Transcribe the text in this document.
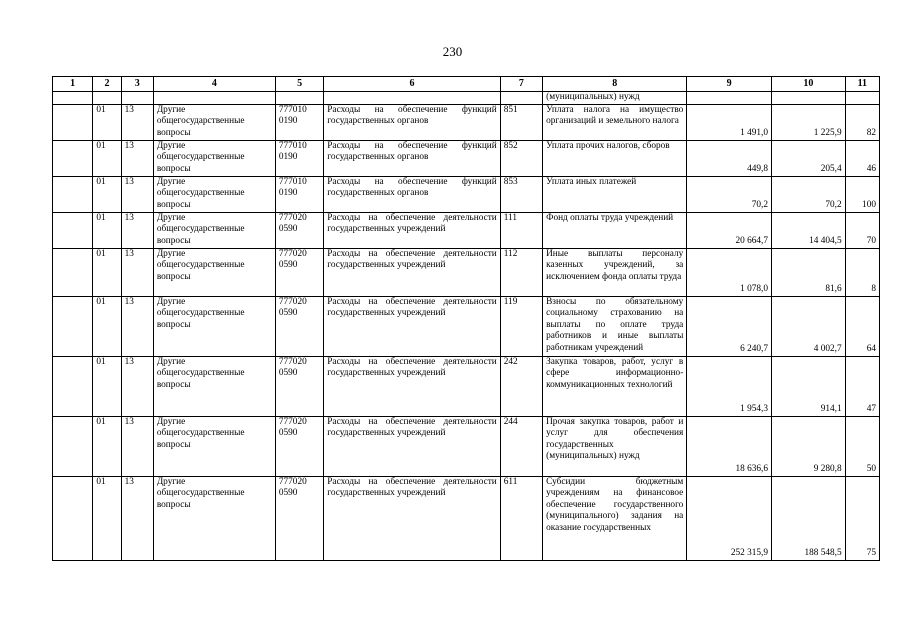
230
1	2	3	4	5	6	7	8	9	10	11
							(муниципальных) нужд			
	01	13	Другие общегосударственные вопросы	777010 0190	Расходы на обеспечение функций государственных органов	851	Уплата налога на имущество организаций и земельного налога	1 491,0	1 225,9	82
	01	13	Другие общегосударственные вопросы	777010 0190	Расходы на обеспечение функций государственных органов	852	Уплата прочих налогов, сборов	449,8	205,4	46
	01	13	Другие общегосударственные вопросы	777010 0190	Расходы на обеспечение функций государственных органов	853	Уплата иных платежей	70,2	70,2	100
	01	13	Другие общегосударственные вопросы	777020 0590	Расходы на обеспечение деятельности государственных учреждений	111	Фонд оплаты труда учреждений	20 664,7	14 404,5	70
	01	13	Другие общегосударственные вопросы	777020 0590	Расходы на обеспечение деятельности государственных учреждений	112	Иные выплаты персоналу казенных учреждений, за исключением фонда оплаты труда	1 078,0	81,6	8
	01	13	Другие общегосударственные вопросы	777020 0590	Расходы на обеспечение деятельности государственных учреждений	119	Взносы по обязательному социальному страхованию на выплаты по оплате труда работников и иные выплаты работникам учреждений	6 240,7	4 002,7	64
	01	13	Другие общегосударственные вопросы	777020 0590	Расходы на обеспечение деятельности государственных учреждений	242	Закупка товаров, работ, услуг в сфере информационно-коммуникационных технологий	1 954,3	914,1	47
	01	13	Другие общегосударственные вопросы	777020 0590	Расходы на обеспечение деятельности государственных учреждений	244	Прочая закупка товаров, работ и услуг для обеспечения государственных (муниципальных) нужд	18 636,6	9 280,8	50
	01	13	Другие общегосударственные вопросы	777020 0590	Расходы на обеспечение деятельности государственных учреждений	611	Субсидии бюджетным учреждениям на финансовое обеспечение государственного (муниципального) задания на оказание государственных	252 315,9	188 548,5	75
